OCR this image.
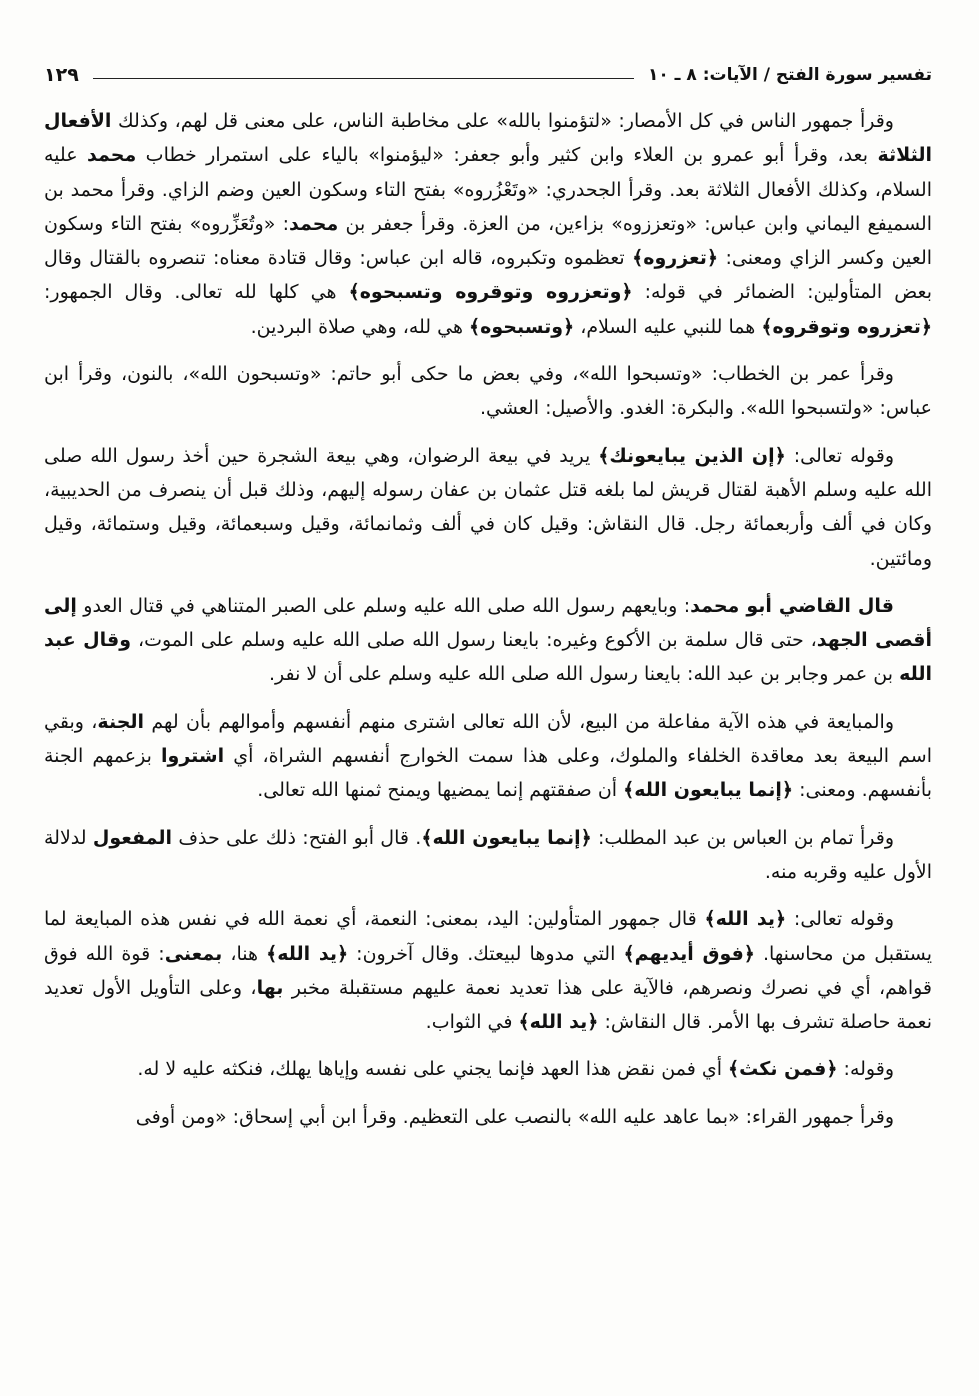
تفسير سورة الفتح / الآيات: ٨ ـ ١٠
١٢٩

وقرأ جمهور الناس في كل الأمصار: «لتؤمنوا بالله» على مخاطبة الناس، على معنى قل لهم، وكذلك الأفعال الثلاثة بعد، وقرأ أبو عمرو بن العلاء وابن كثير وأبو جعفر: «ليؤمنوا» بالياء على استمرار خطاب محمد عليه السلام، وكذلك الأفعال الثلاثة بعد. وقرأ الجحدري: «وتَعْزُروه» بفتح التاء وسكون العين وضم الزاي. وقرأ محمد بن السميفع اليماني وابن عباس: «وتعززوه» بزاءين، من العزة. وقرأ جعفر بن محمد: «وتُعَزِّروه» بفتح التاء وسكون العين وكسر الزاي ومعنى: ﴿تعزروه﴾ تعظموه وتكبروه، قاله ابن عباس: وقال قتادة معناه: تنصروه بالقتال وقال بعض المتأولين: الضمائر في قوله: ﴿وتعزروه وتوقروه وتسبحوه﴾ هي كلها لله تعالى. وقال الجمهور: ﴿تعزروه وتوقروه﴾ هما للنبي عليه السلام، ﴿وتسبحوه﴾ هي لله، وهي صلاة البردين.

وقرأ عمر بن الخطاب: «وتسبحوا الله»، وفي بعض ما حكى أبو حاتم: «وتسبحون الله»، بالنون، وقرأ ابن عباس: «ولتسبحوا الله». والبكرة: الغدو. والأصيل: العشي.

وقوله تعالى: ﴿إن الذين يبايعونك﴾ يريد في بيعة الرضوان، وهي بيعة الشجرة حين أخذ رسول الله صلى الله عليه وسلم الأهبة لقتال قريش لما بلغه قتل عثمان بن عفان رسوله إليهم، وذلك قبل أن ينصرف من الحديبية، وكان في ألف وأربعمائة رجل. قال النقاش: وقيل كان في ألف وثمانمائة، وقيل وسبعمائة، وقيل وستمائة، وقيل ومائتين.

قال القاضي أبو محمد: وبايعهم رسول الله صلى الله عليه وسلم على الصبر المتناهي في قتال العدو إلى أقصى الجهد، حتى قال سلمة بن الأكوع وغيره: بايعنا رسول الله صلى الله عليه وسلم على الموت، وقال عبد الله بن عمر وجابر بن عبد الله: بايعنا رسول الله صلى الله عليه وسلم على أن لا نفر.

والمبايعة في هذه الآية مفاعلة من البيع، لأن الله تعالى اشترى منهم أنفسهم وأموالهم بأن لهم الجنة، وبقي اسم البيعة بعد معاقدة الخلفاء والملوك، وعلى هذا سمت الخوارج أنفسهم الشراة، أي اشتروا بزعمهم الجنة بأنفسهم. ومعنى: ﴿إنما يبايعون الله﴾ أن صفقتهم إنما يمضيها ويمنح ثمنها الله تعالى.

وقرأ تمام بن العباس بن عبد المطلب: ﴿إنما يبايعون الله﴾. قال أبو الفتح: ذلك على حذف المفعول لدلالة الأول عليه وقربه منه.

وقوله تعالى: ﴿يد الله﴾ قال جمهور المتأولين: اليد، بمعنى: النعمة، أي نعمة الله في نفس هذه المبايعة لما يستقبل من محاسنها. ﴿فوق أيديهم﴾ التي مدوها لبيعتك. وقال آخرون: ﴿يد الله﴾ هنا، بمعنى: قوة الله فوق قواهم، أي في نصرك ونصرهم، فالآية على هذا تعديد نعمة عليهم مستقبلة مخبر بها، وعلى التأويل الأول تعديد نعمة حاصلة تشرف بها الأمر. قال النقاش: ﴿يد الله﴾ في الثواب.

وقوله: ﴿فمن نكث﴾ أي فمن نقض هذا العهد فإنما يجني على نفسه وإياها يهلك، فنكثه عليه لا له.

وقرأ جمهور القراء: «بما عاهد عليه الله» بالنصب على التعظيم. وقرأ ابن أبي إسحاق: «ومن أوفى
